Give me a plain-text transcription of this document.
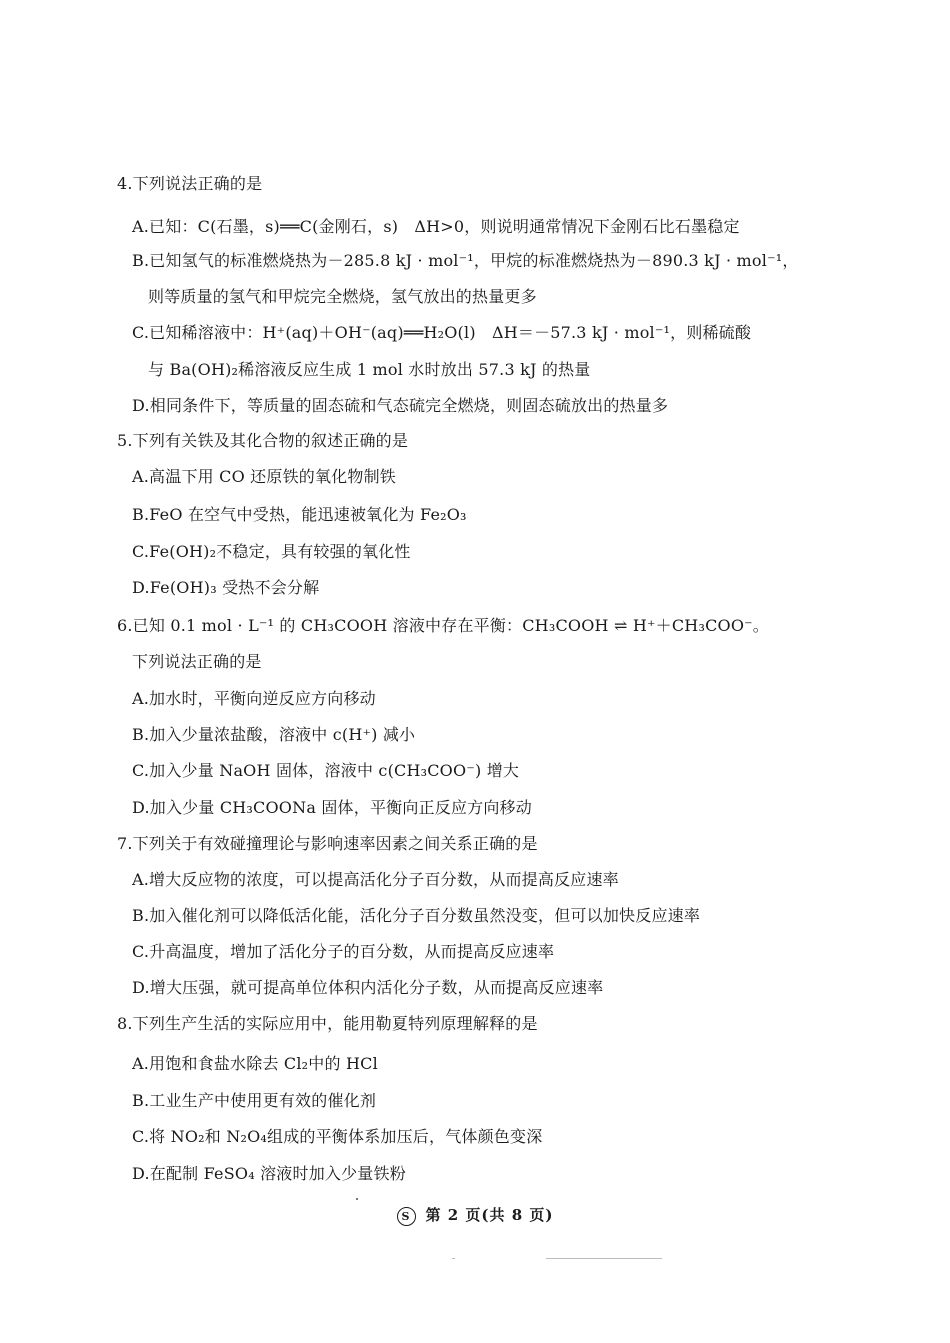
4.下列说法正确的是
A.已知：C(石墨，s)══C(金刚石，s)　ΔH>0，则说明通常情况下金刚石比石墨稳定
B.已知氢气的标准燃烧热为－285.8 kJ · mol⁻¹，甲烷的标准燃烧热为－890.3 kJ · mol⁻¹，
则等质量的氢气和甲烷完全燃烧，氢气放出的热量更多
C.已知稀溶液中：H⁺(aq)＋OH⁻(aq)══H₂O(l)　ΔH＝－57.3 kJ · mol⁻¹，则稀硫酸
与 Ba(OH)₂稀溶液反应生成 1 mol 水时放出 57.3 kJ 的热量
D.相同条件下，等质量的固态硫和气态硫完全燃烧，则固态硫放出的热量多
5.下列有关铁及其化合物的叙述正确的是
A.高温下用 CO 还原铁的氧化物制铁
B.FeO 在空气中受热，能迅速被氧化为 Fe₂O₃
C.Fe(OH)₂不稳定，具有较强的氧化性
D.Fe(OH)₃ 受热不会分解
6.已知 0.1 mol · L⁻¹ 的 CH₃COOH 溶液中存在平衡：CH₃COOH ⇌ H⁺＋CH₃COO⁻。
下列说法正确的是
A.加水时，平衡向逆反应方向移动
B.加入少量浓盐酸，溶液中 c(H⁺) 减小
C.加入少量 NaOH 固体，溶液中 c(CH₃COO⁻) 增大
D.加入少量 CH₃COONa 固体，平衡向正反应方向移动
7.下列关于有效碰撞理论与影响速率因素之间关系正确的是
A.增大反应物的浓度，可以提高活化分子百分数，从而提高反应速率
B.加入催化剂可以降低活化能，活化分子百分数虽然没变，但可以加快反应速率
C.升高温度，增加了活化分子的百分数，从而提高反应速率
D.增大压强，就可提高单位体积内活化分子数，从而提高反应速率
8.下列生产生活的实际应用中，能用勒夏特列原理解释的是
A.用饱和食盐水除去 Cl₂中的 HCl
B.工业生产中使用更有效的催化剂
C.将 NO₂和 N₂O₄组成的平衡体系加压后，气体颜色变深
D.在配制 FeSO₄ 溶液时加入少量铁粉
S 第 2 页(共 8 页)
